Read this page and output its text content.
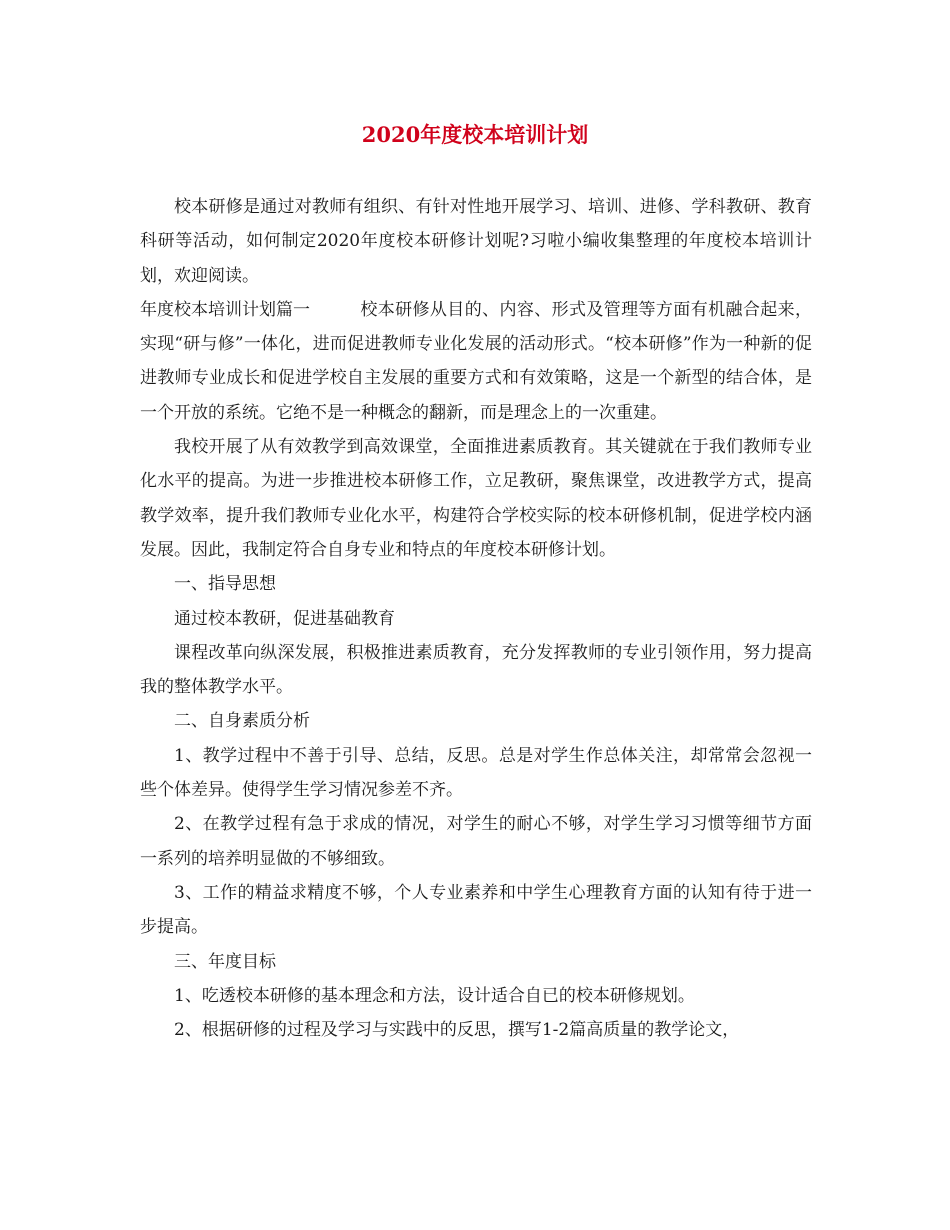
2020年度校本培训计划

校本研修是通过对教师有组织、有针对性地开展学习、培训、进修、学科教研、教育科研等活动，如何制定2020年度校本研修计划呢?习啦小编收集整理的年度校本培训计划，欢迎阅读。

年度校本培训计划篇一	校本研修从目的、内容、形式及管理等方面有机融合起来，实现“研与修”一体化，进而促进教师专业化发展的活动形式。“校本研修”作为一种新的促进教师专业成长和促进学校自主发展的重要方式和有效策略，这是一个新型的结合体，是一个开放的系统。它绝不是一种概念的翻新，而是理念上的一次重建。

我校开展了从有效教学到高效课堂，全面推进素质教育。其关键就在于我们教师专业化水平的提高。为进一步推进校本研修工作，立足教研，聚焦课堂，改进教学方式，提高教学效率，提升我们教师专业化水平，构建符合学校实际的校本研修机制，促进学校内涵发展。因此，我制定符合自身专业和特点的年度校本研修计划。

一、指导思想

通过校本教研，促进基础教育

课程改革向纵深发展，积极推进素质教育，充分发挥教师的专业引领作用，努力提高我的整体教学水平。

二、自身素质分析

1、教学过程中不善于引导、总结，反思。总是对学生作总体关注，却常常会忽视一些个体差异。使得学生学习情况参差不齐。

2、在教学过程有急于求成的情况，对学生的耐心不够，对学生学习习惯等细节方面一系列的培养明显做的不够细致。

3、工作的精益求精度不够，个人专业素养和中学生心理教育方面的认知有待于进一步提高。

三、年度目标

1、吃透校本研修的基本理念和方法，设计适合自已的校本研修规划。

2、根据研修的过程及学习与实践中的反思，撰写1-2篇高质量的教学论文，
